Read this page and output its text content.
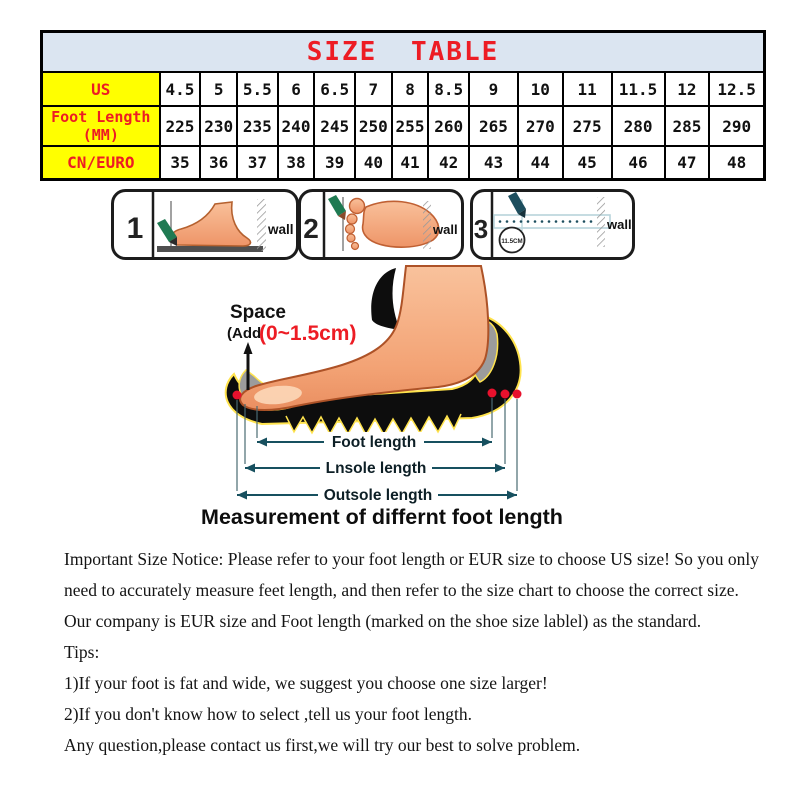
SIZE TABLE														

US	4.5	5	5.5	6	6.5	7	8	8.5	9	10	11	11.5	12	12.5

Foot Length
(MM)	225	230	235	240	245	250	255	260	265	270	275	280	285	290

CN/EURO	35	36	37	38	39	40	41	42	43	44	45	46	47	48
1	wall 2	wall 3 11.5CM
wall
Space
(Add
(0~1.5cm)
Foot length
Lnsole length
Outsole length
Measurement of differnt foot length
Important Size Notice: Please refer to your foot length or EUR size to choose US size! So you only
need to accurately measure feet length, and then refer to the size chart to choose the correct size.
Our company is EUR size and Foot length (marked on the shoe size lablel) as the standard.
Tips:
1)If your foot is fat and wide, we suggest you choose one size larger!
2)If you don't know how to select ,tell us your foot length.
Any question,please contact us first,we will try our best to solve problem.
